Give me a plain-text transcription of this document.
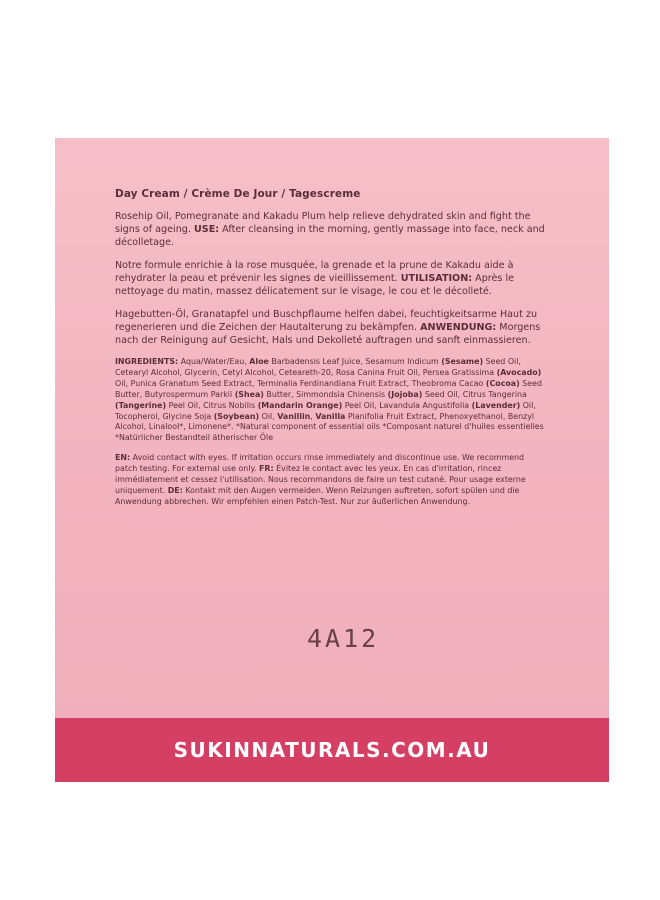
Day Cream / Crème De Jour / Tagescreme

Rosehip Oil, Pomegranate and Kakadu Plum help relieve dehydrated skin and fight the signs of ageing. USE: After cleansing in the morning, gently massage into face, neck and décolletage.

Notre formule enrichie à la rose musquée, la grenade et la prune de Kakadu aide à rehydrater la peau et prévenir les signes de vieillissement. UTILISATION: Après le nettoyage du matin, massez délicatement sur le visage, le cou et le décolleté.

Hagebutten-Öl, Granatapfel und Buschpflaume helfen dabei, feuchtigkeitsarme Haut zu regenerieren und die Zeichen der Hautalterung zu bekämpfen. ANWENDUNG: Morgens nach der Reinigung auf Gesicht, Hals und Dekolleté auftragen und sanft einmassieren.

INGREDIENTS: Aqua/Water/Eau, Aloe Barbadensis Leaf Juice, Sesamum Indicum (Sesame) Seed Oil, Cetearyl Alcohol, Glycerin, Cetyl Alcohol, Ceteareth-20, Rosa Canina Fruit Oil, Persea Gratissima (Avocado) Oil, Punica Granatum Seed Extract, Terminalia Ferdinandiana Fruit Extract, Theobroma Cacao (Cocoa) Seed Butter, Butyrospermum Parkii (Shea) Butter, Simmondsia Chinensis (Jojoba) Seed Oil, Citrus Tangerina (Tangerine) Peel Oil, Citrus Nobilis (Mandarin Orange) Peel Oil, Lavandula Angustifolia (Lavender) Oil, Tocopherol, Glycine Soja (Soybean) Oil, Vanillin, Vanilla Planifolia Fruit Extract, Phenoxyethanol, Benzyl Alcohol, Linalool*, Limonene*. *Natural component of essential oils *Composant naturel d'huiles essentielles *Natürlicher Bestandteil ätherischer Öle

EN: Avoid contact with eyes. If irritation occurs rinse immediately and discontinue use. We recommend patch testing. For external use only. FR: Évitez le contact avec les yeux. En cas d'irritation, rincez immédiatement et cessez l'utilisation. Nous recommandons de faire un test cutané. Pour usage externe uniquement. DE: Kontakt mit den Augen vermeiden. Wenn Reizungen auftreten, sofort spülen und die Anwendung abbrechen. Wir empfehlen einen Patch-Test. Nur zur äußerlichen Anwendung.

4A12
SUKINNATURALS.COM.AU
